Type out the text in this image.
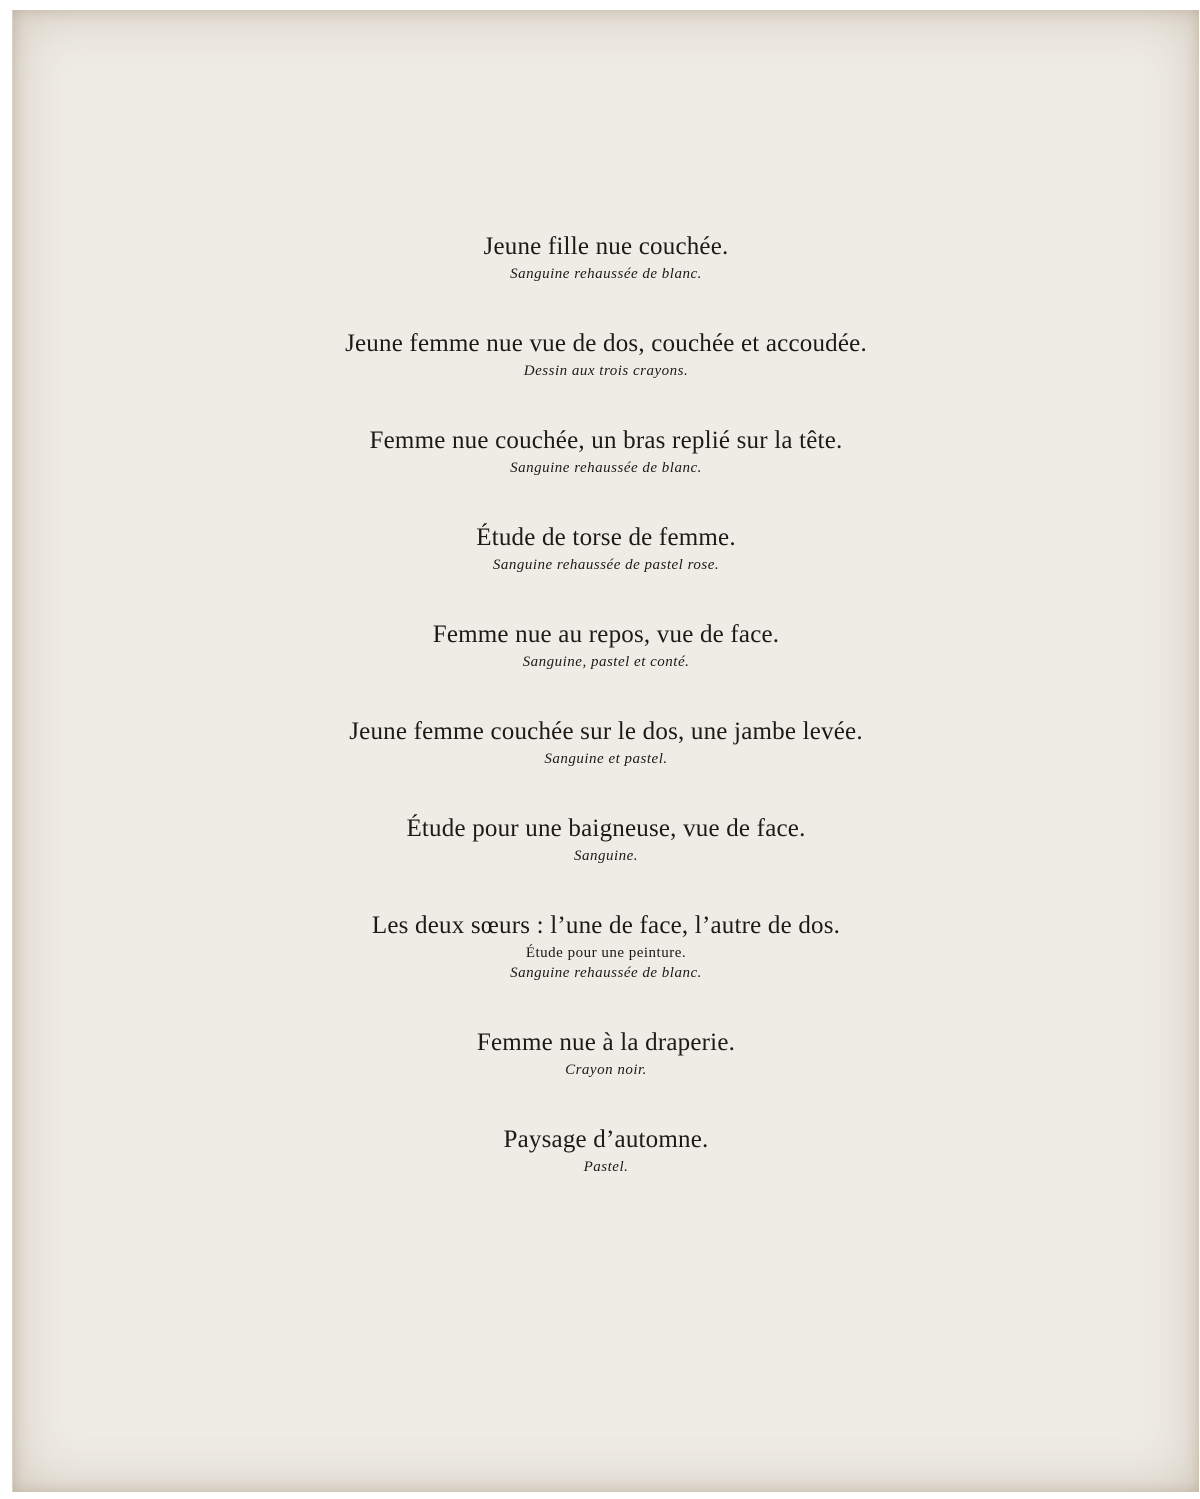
Jeune fille nue couchée.
Sanguine rehaussée de blanc.
Jeune femme nue vue de dos, couchée et accoudée.
Dessin aux trois crayons.
Femme nue couchée, un bras replié sur la tête.
Sanguine rehaussée de blanc.
Étude de torse de femme.
Sanguine rehaussée de pastel rose.
Femme nue au repos, vue de face.
Sanguine, pastel et conté.
Jeune femme couchée sur le dos, une jambe levée.
Sanguine et pastel.
Étude pour une baigneuse, vue de face.
Sanguine.
Les deux sœurs : l’une de face, l’autre de dos.
Étude pour une peinture.
Sanguine rehaussée de blanc.
Femme nue à la draperie.
Crayon noir.
Paysage d’automne.
Pastel.
